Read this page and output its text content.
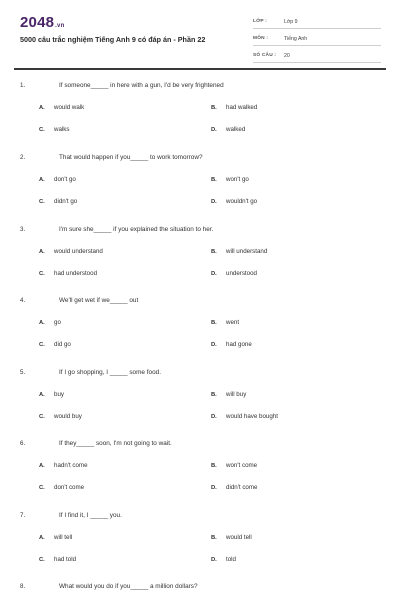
2048.vn
5000 câu trắc nghiệm Tiếng Anh 9 có đáp án - Phần 22
LỚP :	Lớp 9
MÔN :	Tiếng Anh
SỐ CÂU :	20
1.	If someone_____ in here with a gun, I'd be very frightened
A. would walk	B. had walked
C. walks	D. walked
2.	That would happen if you_____ to work tomorrow?
A. don't go	B. won't go
C. didn't go	D. wouldn't go
3.	I'm sure she_____ if you explained the situation to her.
A. would understand	B. will understand
C. had understood	D. understood
4.	We'll get wet if we_____ out
A. go	B. went
C. did go	D. had gone
5.	If I go shopping, I _____ some food.
A. buy	B. will buy
C. would buy	D. would have bought
6.	If they_____ soon, I'm not going to wait.
A. hadn't come	B. won't come
C. don't come	D. didn't come
7.	If I find it, I _____ you.
A. will tell	B. would tell
C. had told	D. told
8.	What would you do if you_____ a million dollars?
